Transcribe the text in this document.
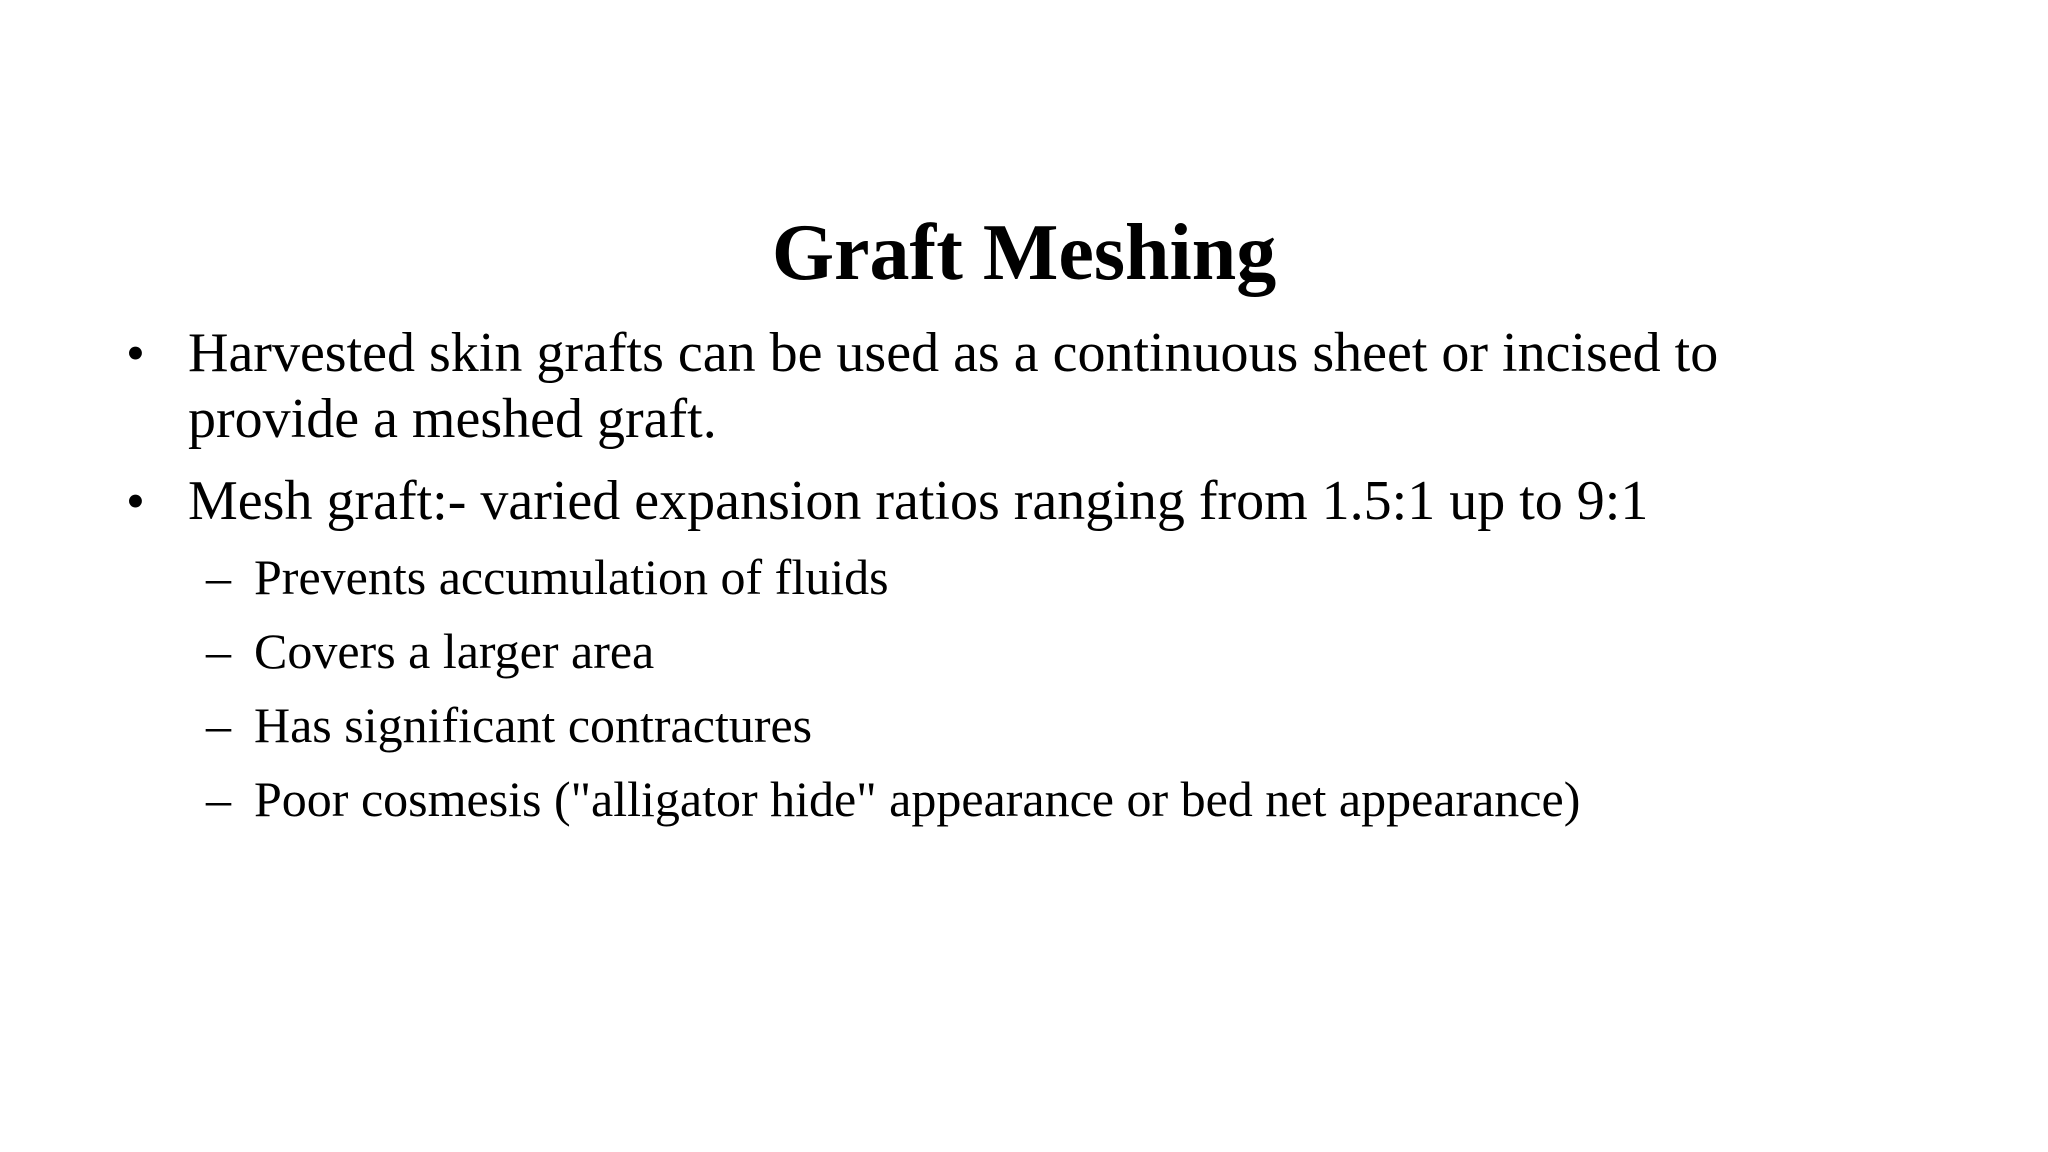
Graft Meshing
• Harvested skin grafts can be used as a continuous sheet or incised to
provide a meshed graft.
• Mesh graft:- varied expansion ratios ranging from 1.5:1 up to 9:1
– Prevents accumulation of fluids
– Covers a larger area
– Has significant contractures
– Poor cosmesis ("alligator hide" appearance or bed net appearance)
